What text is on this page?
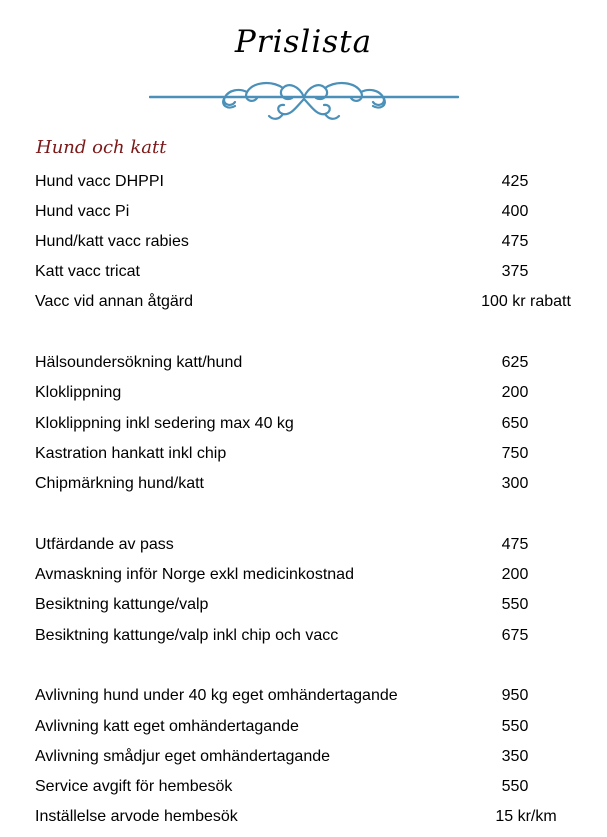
Prislista
Hund och katt
Hund vacc DHPPI	425
Hund vacc Pi	400
Hund/katt vacc rabies	475
Katt vacc tricat	375
Vacc vid annan åtgärd	100 kr rabatt
Hälsoundersökning katt/hund	625
Kloklippning	200
Kloklippning inkl sedering max 40 kg	650
Kastration hankatt inkl chip	750
Chipmärkning hund/katt	300
Utfärdande av pass	475
Avmaskning inför Norge exkl medicinkostnad	200
Besiktning kattunge/valp	550
Besiktning kattunge/valp inkl chip och vacc	675
Avlivning hund under 40 kg eget omhändertagande	950
Avlivning katt eget omhändertagande	550
Avlivning smådjur eget omhändertagande	350
Service avgift för hembesök	550
Inställelse arvode hembesök	15 kr/km
